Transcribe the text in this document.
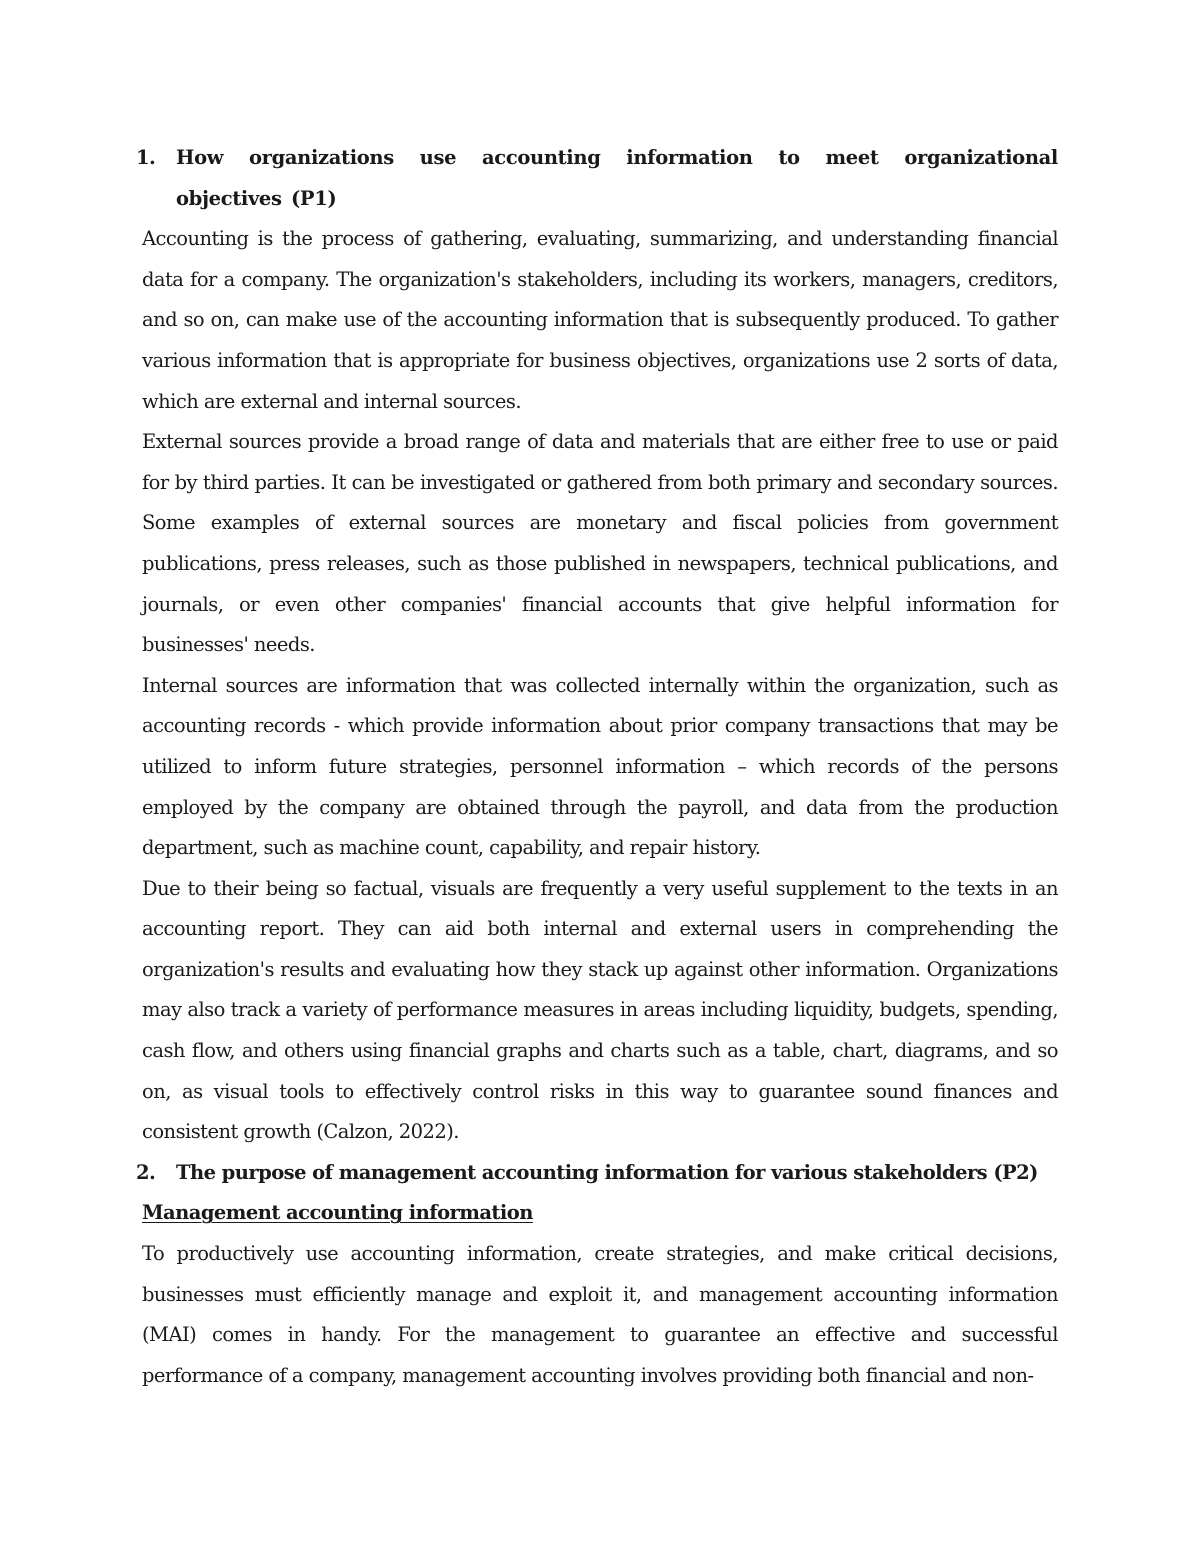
1.	How organizations use accounting information to meet organizational objectives (P1)

Accounting is the process of gathering, evaluating, summarizing, and understanding financial data for a company. The organization's stakeholders, including its workers, managers, creditors, and so on, can make use of the accounting information that is subsequently produced. To gather various information that is appropriate for business objectives, organizations use 2 sorts of data, which are external and internal sources.

External sources provide a broad range of data and materials that are either free to use or paid for by third parties. It can be investigated or gathered from both primary and secondary sources. Some examples of external sources are monetary and fiscal policies from government publications, press releases, such as those published in newspapers, technical publications, and journals, or even other companies' financial accounts that give helpful information for businesses' needs.

Internal sources are information that was collected internally within the organization, such as accounting records - which provide information about prior company transactions that may be utilized to inform future strategies, personnel information – which records of the persons employed by the company are obtained through the payroll, and data from the production department, such as machine count, capability, and repair history.

Due to their being so factual, visuals are frequently a very useful supplement to the texts in an accounting report. They can aid both internal and external users in comprehending the organization's results and evaluating how they stack up against other information. Organizations may also track a variety of performance measures in areas including liquidity, budgets, spending, cash flow, and others using financial graphs and charts such as a table, chart, diagrams, and so on, as visual tools to effectively control risks in this way to guarantee sound finances and consistent growth (Calzon, 2022).

2.	The purpose of management accounting information for various stakeholders (P2)

Management accounting information

To productively use accounting information, create strategies, and make critical decisions, businesses must efficiently manage and exploit it, and management accounting information (MAI) comes in handy. For the management to guarantee an effective and successful performance of a company, management accounting involves providing both financial and non-
